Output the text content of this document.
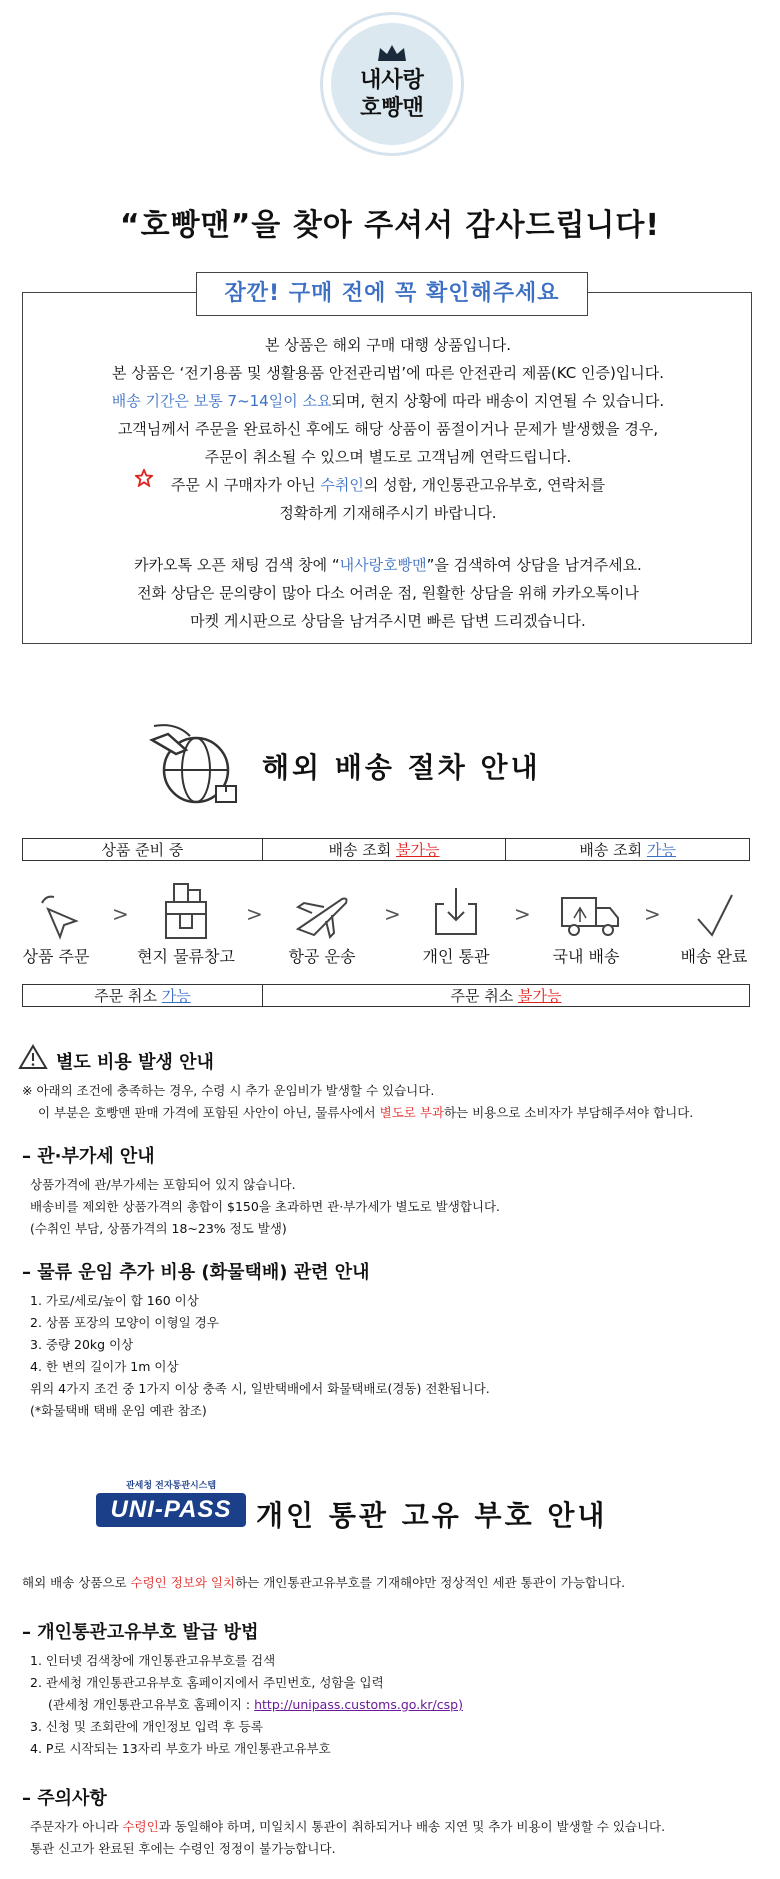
내사랑
호빵맨
“호빵맨”을 찾아 주셔서 감사드립니다!
본 상품은 해외 구매 대행 상품입니다.
본 상품은 ‘전기용품 및 생활용품 안전관리법’에 따른 안전관리 제품(KC 인증)입니다.
배송 기간은 보통 7~14일이 소요되며, 현지 상황에 따라 배송이 지연될 수 있습니다.
고객님께서 주문을 완료하신 후에도 해당 상품이 품절이거나 문제가 발생했을 경우,
주문이 취소될 수 있으며 별도로 고객님께 연락드립니다.
주문 시 구매자가 아닌 수취인의 성함, 개인통관고유부호, 연락처를
정확하게 기재해주시기 바랍니다.
카카오톡 오픈 채팅 검색 창에 “내사랑호빵맨”을 검색하여 상담을 남겨주세요.
전화 상담은 문의량이 많아 다소 어려운 점, 원활한 상담을 위해 카카오톡이나
마켓 게시판으로 상담을 남겨주시면 빠른 답변 드리겠습니다.
잠깐! 구매 전에 꼭 확인해주세요
해외 배송 절차 안내
상품 준비 중	배송 조회 불가능	배송 조회 가능
>	>	>	>	>
상품 주문	현지 물류창고	항공 운송	개인 통관	국내 배송	배송 완료
주문 취소 가능	주문 취소 불가능
별도 비용 발생 안내
※ 아래의 조건에 충족하는 경우, 수령 시 추가 운임비가 발생할 수 있습니다.
이 부분은 호빵맨 판매 가격에 포함된 사안이 아닌, 물류사에서 별도로 부과하는 비용으로 소비자가 부담해주셔야 합니다.
– 관·부가세 안내
상품가격에 관/부가세는 포함되어 있지 않습니다.
배송비를 제외한 상품가격의 총합이 $150을 초과하면 관·부가세가 별도로 발생합니다.
(수취인 부담, 상품가격의 18~23% 정도 발생)
– 물류 운임 추가 비용 (화물택배) 관련 안내
1. 가로/세로/높이 합 160 이상
2. 상품 포장의 모양이 이형일 경우
3. 중량 20kg 이상
4. 한 변의 길이가 1m 이상
위의 4가지 조건 중 1가지 이상 충족 시, 일반택배에서 화물택배로(경동) 전환됩니다.
(*화물택배 택배 운임 예관 참조)
관세청 전자통관시스템
UNI-PASS 개인 통관 고유 부호 안내
해외 배송 상품으로 수령인 정보와 일치하는 개인통관고유부호를 기재해야만 정상적인 세관 통관이 가능합니다.
– 개인통관고유부호 발급 방법
1. 인터넷 검색창에 개인통관고유부호를 검색
2. 관세청 개인통관고유부호 홈페이지에서 주민번호, 성함을 입력
(관세청 개인통관고유부호 홈페이지 : http://unipass.customs.go.kr/csp)
3. 신청 및 조회란에 개인정보 입력 후 등록
4. P로 시작되는 13자리 부호가 바로 개인통관고유부호
– 주의사항
주문자가 아니라 수령인과 동일해야 하며, 미일치시 통관이 취하되거나 배송 지연 및 추가 비용이 발생할 수 있습니다.
통관 신고가 완료된 후에는 수령인 정정이 불가능합니다.
